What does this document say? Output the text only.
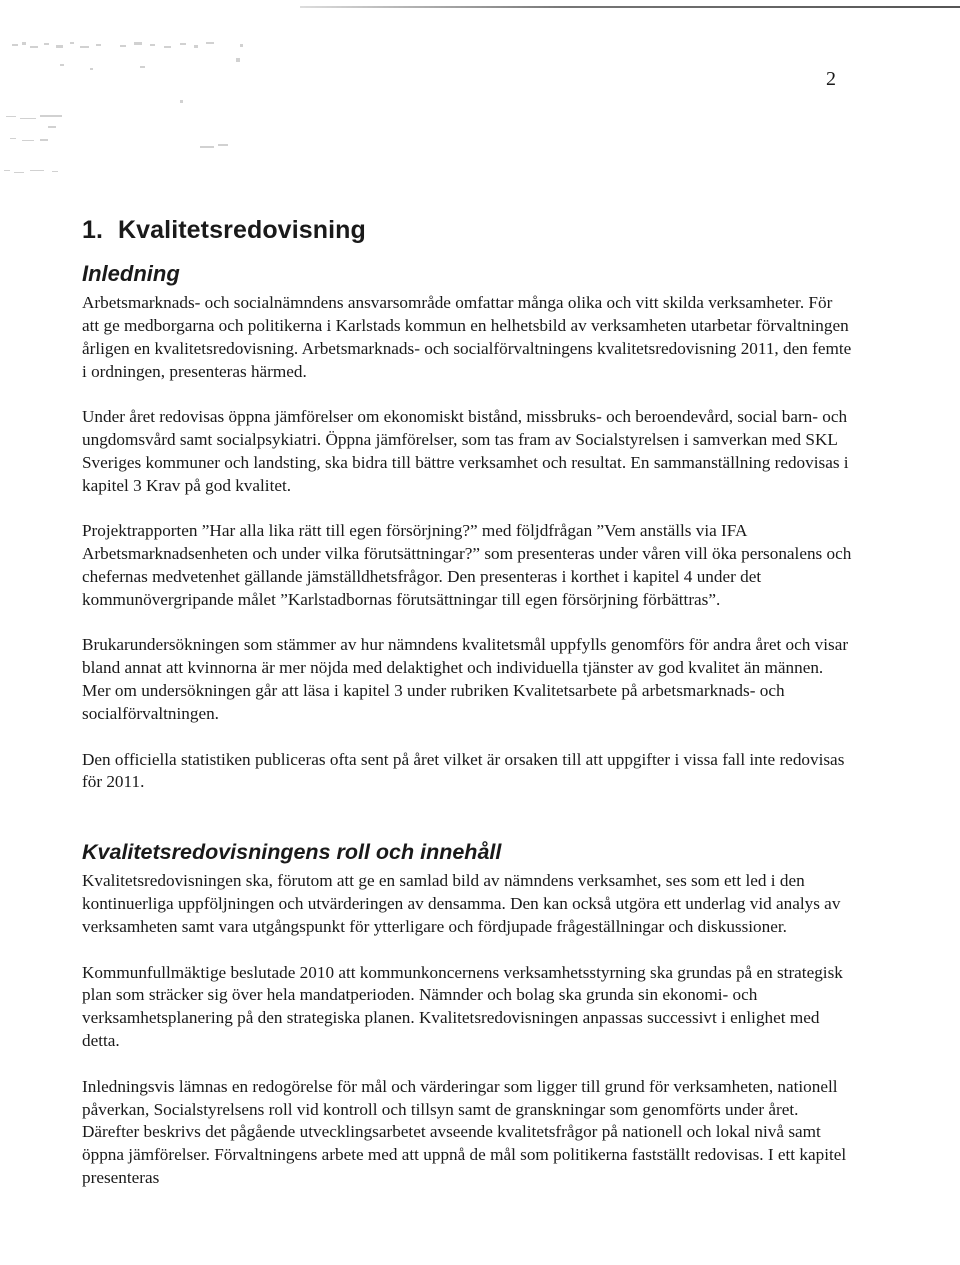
2
1. Kvalitetsredovisning
Inledning

Arbetsmarknads- och socialnämndens ansvarsområde omfattar många olika och vitt skilda verksamheter. För att ge medborgarna och politikerna i Karlstads kommun en helhetsbild av verksamheten utarbetar förvaltningen årligen en kvalitetsredovisning. Arbetsmarknads- och socialförvaltningens kvalitetsredovisning 2011, den femte i ordningen, presenteras härmed.

Under året redovisas öppna jämförelser om ekonomiskt bistånd, missbruks- och beroendevård, social barn- och ungdomsvård samt socialpsykiatri. Öppna jämförelser, som tas fram av Socialstyrelsen i samverkan med SKL Sveriges kommuner och landsting, ska bidra till bättre verksamhet och resultat. En sammanställning redovisas i kapitel 3 Krav på god kvalitet.

Projektrapporten ”Har alla lika rätt till egen försörjning?” med följdfrågan ”Vem anställs via IFA Arbetsmarknadsenheten och under vilka förutsättningar?” som presenteras under våren vill öka personalens och chefernas medvetenhet gällande jämställdhetsfrågor. Den presenteras i korthet i kapitel 4 under det kommunövergripande målet ”Karlstadbornas förutsättningar till egen försörjning förbättras”.

Brukarundersökningen som stämmer av hur nämndens kvalitetsmål uppfylls genomförs för andra året och visar bland annat att kvinnorna är mer nöjda med delaktighet och individuella tjänster av god kvalitet än männen. Mer om undersökningen går att läsa i kapitel 3 under rubriken Kvalitetsarbete på arbetsmarknads- och socialförvaltningen.

Den officiella statistiken publiceras ofta sent på året vilket är orsaken till att uppgifter i vissa fall inte redovisas för 2011.

Kvalitetsredovisningens roll och innehåll

Kvalitetsredovisningen ska, förutom att ge en samlad bild av nämndens verksamhet, ses som ett led i den kontinuerliga uppföljningen och utvärderingen av densamma. Den kan också utgöra ett underlag vid analys av verksamheten samt vara utgångspunkt för ytterligare och fördjupade frågeställningar och diskussioner.

Kommunfullmäktige beslutade 2010 att kommunkoncernens verksamhetsstyrning ska grundas på en strategisk plan som sträcker sig över hela mandatperioden. Nämnder och bolag ska grunda sin ekonomi- och verksamhetsplanering på den strategiska planen. Kvalitetsredovisningen anpassas successivt i enlighet med detta.

Inledningsvis lämnas en redogörelse för mål och värderingar som ligger till grund för verksamheten, nationell påverkan, Socialstyrelsens roll vid kontroll och tillsyn samt de granskningar som genomförts under året. Därefter beskrivs det pågående utvecklingsarbetet avseende kvalitetsfrågor på nationell och lokal nivå samt öppna jämförelser. Förvaltningens arbete med att uppnå de mål som politikerna fastställt redovisas. I ett kapitel presenteras
